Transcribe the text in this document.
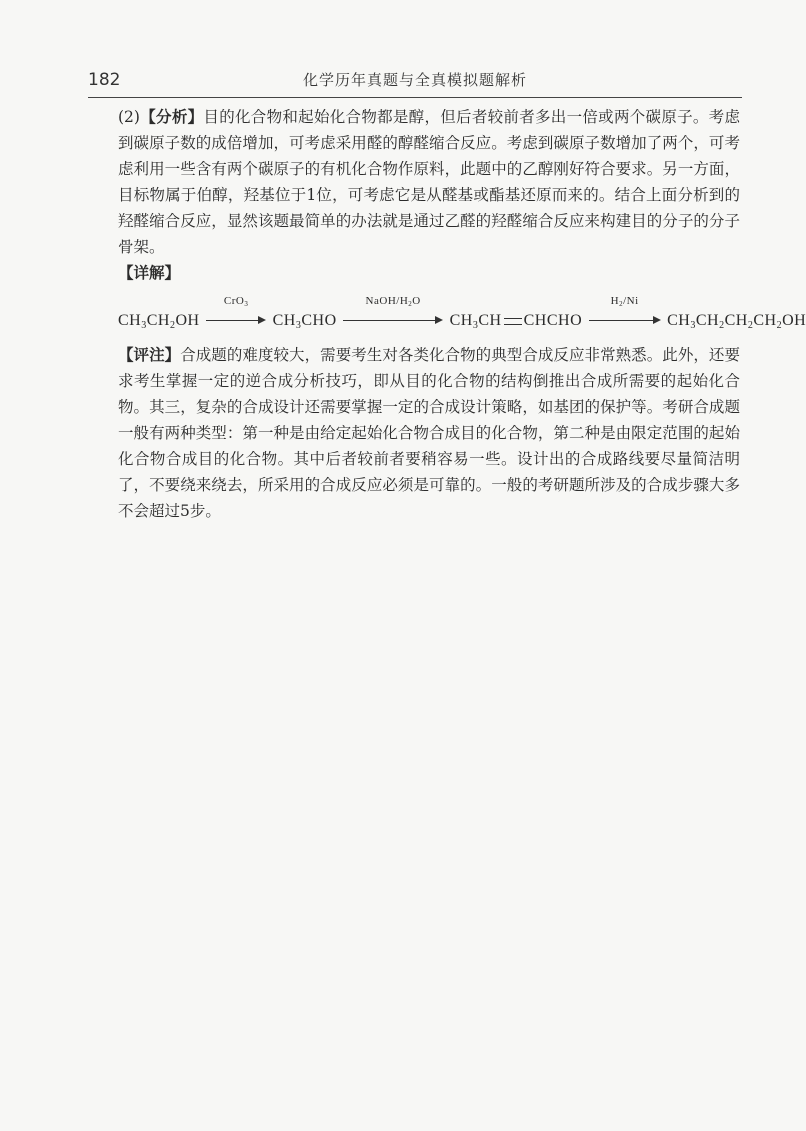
182	化学历年真题与全真模拟题解析

(2)【分析】目的化合物和起始化合物都是醇，但后者较前者多出一倍或两个碳原子。考虑到碳原子数的成倍增加，可考虑采用醛的醇醛缩合反应。考虑到碳原子数增加了两个，可考虑利用一些含有两个碳原子的有机化合物作原料，此题中的乙醇刚好符合要求。另一方面，目标物属于伯醇，羟基位于1位，可考虑它是从醛基或酯基还原而来的。结合上面分析到的羟醛缩合反应，显然该题最简单的办法就是通过乙醛的羟醛缩合反应来构建目的分子的分子骨架。

【详解】

$CH_3CH_2OH$
CrO$_3$
$CH_3CHO$
NaOH/$H_2O$
$CH_3CH$ CHCHO
$H_2/Ni$
$CH_3CH_2CH_2CH_2OH$

【评注】合成题的难度较大，需要考生对各类化合物的典型合成反应非常熟悉。此外，还要求考生掌握一定的逆合成分析技巧，即从目的化合物的结构倒推出合成所需要的起始化合物。其三，复杂的合成设计还需要掌握一定的合成设计策略，如基团的保护等。考研合成题一般有两种类型：第一种是由给定起始化合物合成目的化合物，第二种是由限定范围的起始化合物合成目的化合物。其中后者较前者要稍容易一些。设计出的合成路线要尽量简洁明了，不要绕来绕去，所采用的合成反应必须是可靠的。一般的考研题所涉及的合成步骤大多不会超过5步。
